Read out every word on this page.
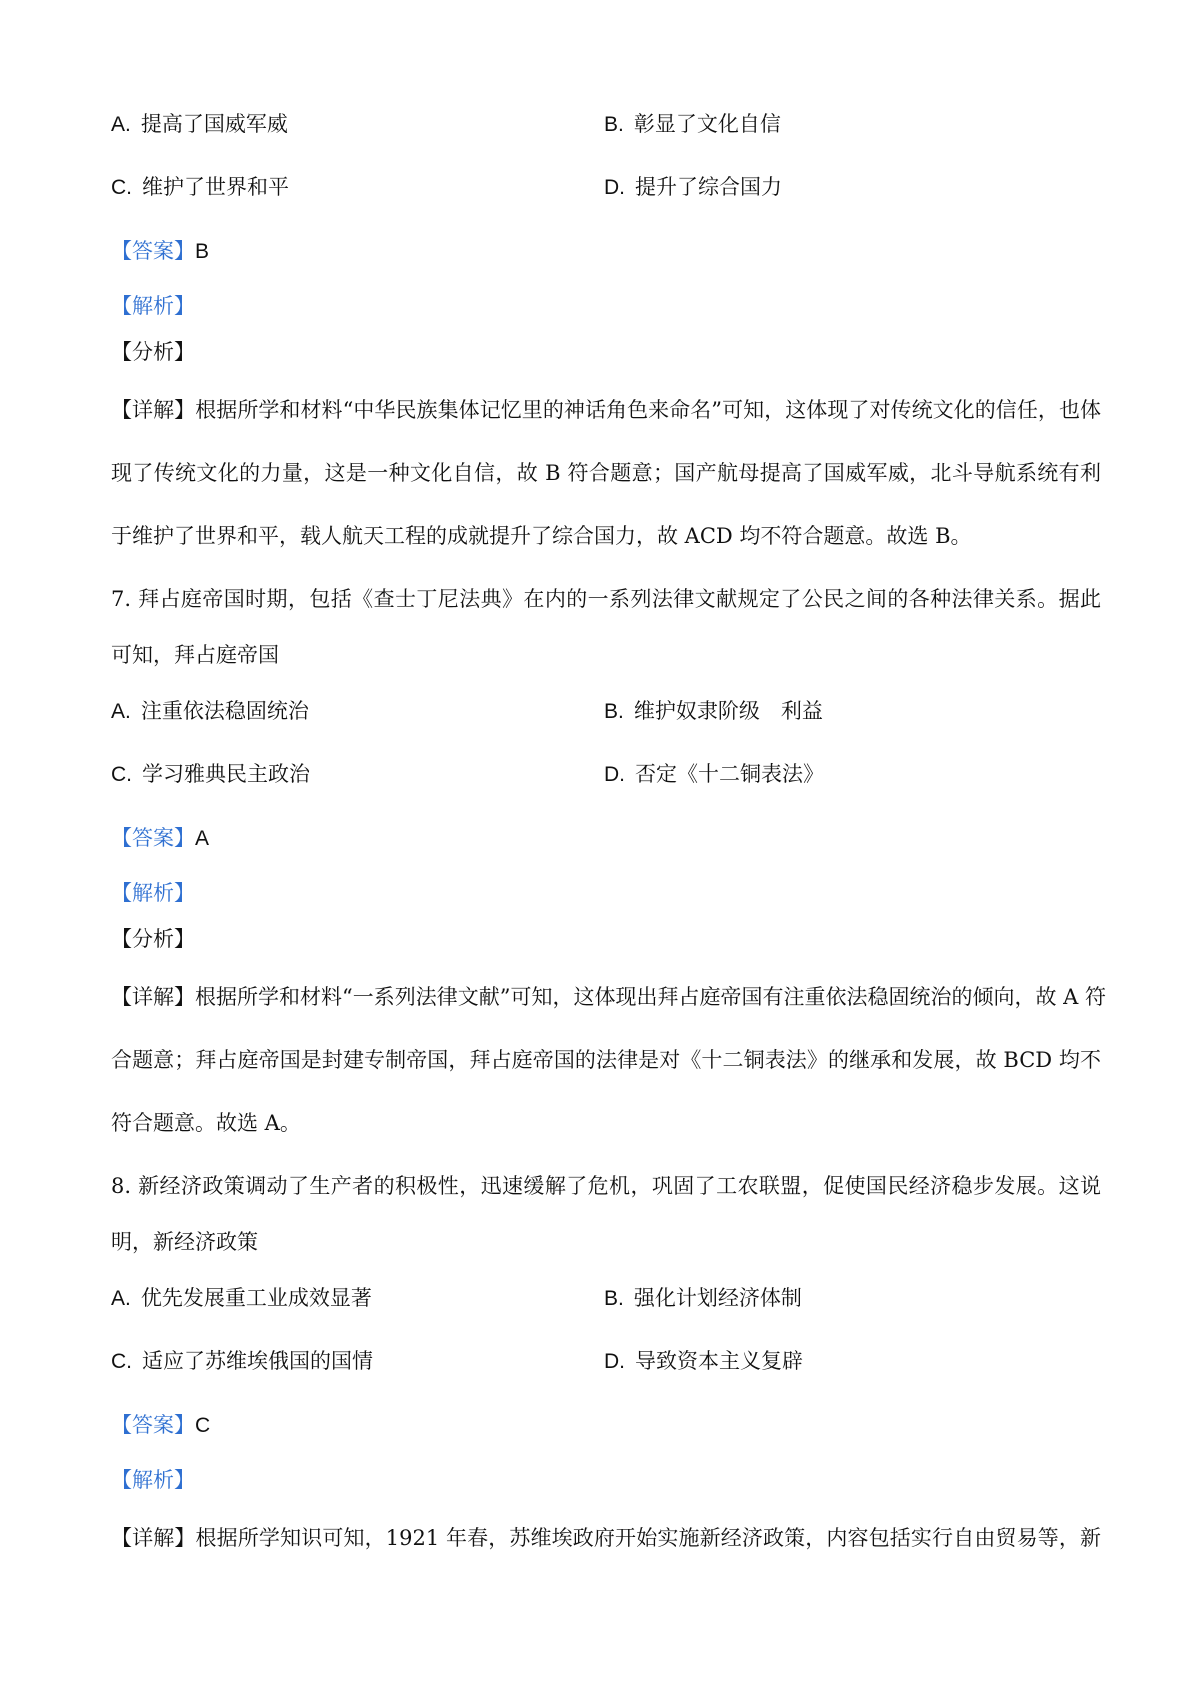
A. 提高了国威军威	B. 彰显了文化自信
C. 维护了世界和平	D. 提升了综合国力
【答案】B
【解析】
【分析】
【详解】根据所学和材料“中华民族集体记忆里的神话角色来命名”可知，这体现了对传统文化的信任，也体
现了传统文化的力量，这是一种文化自信，故 B 符合题意；国产航母提高了国威军威，北斗导航系统有利
于维护了世界和平，载人航天工程的成就提升了综合国力，故 ACD 均不符合题意。故选 B。
7. 拜占庭帝国时期，包括《查士丁尼法典》在内的一系列法律文献规定了公民之间的各种法律关系。据此
可知，拜占庭帝国
A. 注重依法稳固统治	B. 维护奴隶阶级　利益
C. 学习雅典民主政治	D. 否定《十二铜表法》
【答案】A
【解析】
【分析】
【详解】根据所学和材料“一系列法律文献”可知，这体现出拜占庭帝国有注重依法稳固统治的倾向，故 A 符
合题意；拜占庭帝国是封建专制帝国，拜占庭帝国的法律是对《十二铜表法》的继承和发展，故 BCD 均不
符合题意。故选 A。
8. 新经济政策调动了生产者的积极性，迅速缓解了危机，巩固了工农联盟，促使国民经济稳步发展。这说
明，新经济政策
A. 优先发展重工业成效显著	B. 强化计划经济体制
C. 适应了苏维埃俄国的国情	D. 导致资本主义复辟
【答案】C
【解析】
【详解】根据所学知识可知，1921 年春，苏维埃政府开始实施新经济政策，内容包括实行自由贸易等，新
